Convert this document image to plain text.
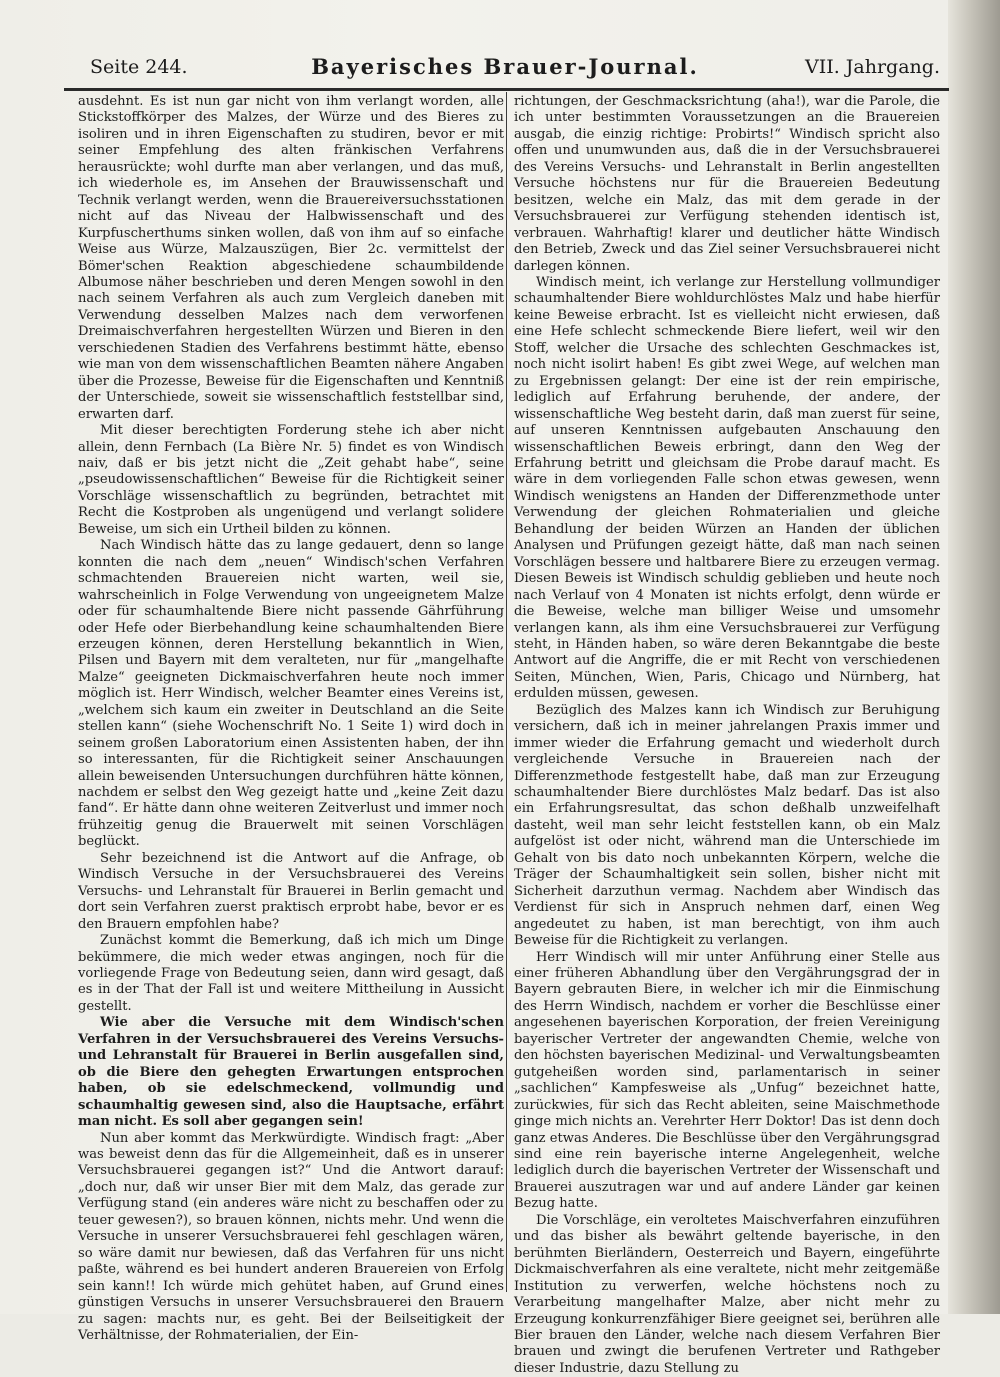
Seite 244.	Bayerisches Brauer-Journal.	VII. Jahrgang.

ausdehnt. Es ist nun gar nicht von ihm verlangt worden, alle Stickstoffkörper des Malzes, der Würze und des Bieres zu isoliren und in ihren Eigenschaften zu studiren, bevor er mit seiner Empfehlung des alten fränkischen Verfahrens herausrückte; wohl durfte man aber verlangen, und das muß, ich wiederhole es, im Ansehen der Brauwissenschaft und Technik verlangt werden, wenn die Brauereiversuchsstationen nicht auf das Niveau der Halbwissenschaft und des Kurpfuscherthums sinken wollen, daß von ihm auf so einfache Weise aus Würze, Malzauszügen, Bier 2c. vermittelst der Bömer'schen Reaktion abgeschiedene schaumbildende Albumose näher beschrieben und deren Mengen sowohl in den nach seinem Verfahren als auch zum Vergleich daneben mit Verwendung desselben Malzes nach dem verworfenen Dreimaischverfahren hergestellten Würzen und Bieren in den verschiedenen Stadien des Verfahrens bestimmt hätte, ebenso wie man von dem wissenschaftlichen Beamten nähere Angaben über die Prozesse, Beweise für die Eigenschaften und Kenntniß der Unterschiede, soweit sie wissenschaftlich feststellbar sind, erwarten darf.

Mit dieser berechtigten Forderung stehe ich aber nicht allein, denn Fernbach (La Bière Nr. 5) findet es von Windisch naiv, daß er bis jetzt nicht die „Zeit gehabt habe“, seine „pseudowissenschaftlichen“ Beweise für die Richtigkeit seiner Vorschläge wissenschaftlich zu begründen, betrachtet mit Recht die Kostproben als ungenügend und verlangt solidere Beweise, um sich ein Urtheil bilden zu können.

Nach Windisch hätte das zu lange gedauert, denn so lange konnten die nach dem „neuen“ Windisch'schen Verfahren schmachtenden Brauereien nicht warten, weil sie, wahrscheinlich in Folge Verwendung von ungeeignetem Malze oder für schaumhaltende Biere nicht passende Gährführung oder Hefe oder Bierbehandlung keine schaumhaltenden Biere erzeugen können, deren Herstellung bekanntlich in Wien, Pilsen und Bayern mit dem veralteten, nur für „mangelhafte Malze“ geeigneten Dickmaischverfahren heute noch immer möglich ist. Herr Windisch, welcher Beamter eines Vereins ist, „welchem sich kaum ein zweiter in Deutschland an die Seite stellen kann“ (siehe Wochenschrift No. 1 Seite 1) wird doch in seinem großen Laboratorium einen Assistenten haben, der ihn so interessanten, für die Richtigkeit seiner Anschauungen allein beweisenden Untersuchungen durchführen hätte können, nachdem er selbst den Weg gezeigt hatte und „keine Zeit dazu fand“. Er hätte dann ohne weiteren Zeitverlust und immer noch frühzeitig genug die Brauerwelt mit seinen Vorschlägen beglückt.

Sehr bezeichnend ist die Antwort auf die Anfrage, ob Windisch Versuche in der Versuchsbrauerei des Vereins Versuchs- und Lehranstalt für Brauerei in Berlin gemacht und dort sein Verfahren zuerst praktisch erprobt habe, bevor er es den Brauern empfohlen habe?

Zunächst kommt die Bemerkung, daß ich mich um Dinge bekümmere, die mich weder etwas angingen, noch für die vorliegende Frage von Bedeutung seien, dann wird gesagt, daß es in der That der Fall ist und weitere Mittheilung in Aussicht gestellt.

Wie aber die Versuche mit dem Windisch'schen Verfahren in der Versuchsbrauerei des Vereins Versuchs- und Lehranstalt für Brauerei in Berlin ausgefallen sind, ob die Biere den gehegten Erwartungen entsprochen haben, ob sie edelschmeckend, vollmundig und schaumhaltig gewesen sind, also die Hauptsache, erfährt man nicht. Es soll aber gegangen sein!

Nun aber kommt das Merkwürdigte. Windisch fragt: „Aber was beweist denn das für die Allgemeinheit, daß es in unserer Versuchsbrauerei gegangen ist?“ Und die Antwort darauf: „doch nur, daß wir unser Bier mit dem Malz, das gerade zur Verfügung stand (ein anderes wäre nicht zu beschaffen oder zu teuer gewesen?), so brauen können, nichts mehr. Und wenn die Versuche in unserer Versuchsbrauerei fehl geschlagen wären, so wäre damit nur bewiesen, daß das Verfahren für uns nicht paßte, während es bei hundert anderen Brauereien von Erfolg sein kann!! Ich würde mich gehütet haben, auf Grund eines günstigen Versuchs in unserer Versuchsbrauerei den Brauern zu sagen: machts nur, es geht. Bei der Beilseitigkeit der Verhältnisse, der Rohmaterialien, der Ein-

richtungen, der Geschmacksrichtung (aha!), war die Parole, die ich unter bestimmten Voraussetzungen an die Brauereien ausgab, die einzig richtige: Probirts!“ Windisch spricht also offen und unumwunden aus, daß die in der Versuchsbrauerei des Vereins Versuchs- und Lehranstalt in Berlin angestellten Versuche höchstens nur für die Brauereien Bedeutung besitzen, welche ein Malz, das mit dem gerade in der Versuchsbrauerei zur Verfügung stehenden identisch ist, verbrauen. Wahrhaftig! klarer und deutlicher hätte Windisch den Betrieb, Zweck und das Ziel seiner Versuchsbrauerei nicht darlegen können.

Windisch meint, ich verlange zur Herstellung vollmundiger schaumhaltender Biere wohldurchlöstes Malz und habe hierfür keine Beweise erbracht. Ist es vielleicht nicht erwiesen, daß eine Hefe schlecht schmeckende Biere liefert, weil wir den Stoff, welcher die Ursache des schlechten Geschmackes ist, noch nicht isolirt haben! Es gibt zwei Wege, auf welchen man zu Ergebnissen gelangt: Der eine ist der rein empirische, lediglich auf Erfahrung beruhende, der andere, der wissenschaftliche Weg besteht darin, daß man zuerst für seine, auf unseren Kenntnissen aufgebauten Anschauung den wissenschaftlichen Beweis erbringt, dann den Weg der Erfahrung betritt und gleichsam die Probe darauf macht. Es wäre in dem vorliegenden Falle schon etwas gewesen, wenn Windisch wenigstens an Handen der Differenzmethode unter Verwendung der gleichen Rohmaterialien und gleiche Behandlung der beiden Würzen an Handen der üblichen Analysen und Prüfungen gezeigt hätte, daß man nach seinen Vorschlägen bessere und haltbarere Biere zu erzeugen vermag. Diesen Beweis ist Windisch schuldig geblieben und heute noch nach Verlauf von 4 Monaten ist nichts erfolgt, denn würde er die Beweise, welche man billiger Weise und umsomehr verlangen kann, als ihm eine Versuchsbrauerei zur Verfügung steht, in Händen haben, so wäre deren Bekanntgabe die beste Antwort auf die Angriffe, die er mit Recht von verschiedenen Seiten, München, Wien, Paris, Chicago und Nürnberg, hat erdulden müssen, gewesen.

Bezüglich des Malzes kann ich Windisch zur Beruhigung versichern, daß ich in meiner jahrelangen Praxis immer und immer wieder die Erfahrung gemacht und wiederholt durch vergleichende Versuche in Brauereien nach der Differenzmethode festgestellt habe, daß man zur Erzeugung schaumhaltender Biere durchlöstes Malz bedarf. Das ist also ein Erfahrungsresultat, das schon deßhalb unzweifelhaft dasteht, weil man sehr leicht feststellen kann, ob ein Malz aufgelöst ist oder nicht, während man die Unterschiede im Gehalt von bis dato noch unbekannten Körpern, welche die Träger der Schaumhaltigkeit sein sollen, bisher nicht mit Sicherheit darzuthun vermag. Nachdem aber Windisch das Verdienst für sich in Anspruch nehmen darf, einen Weg angedeutet zu haben, ist man berechtigt, von ihm auch Beweise für die Richtigkeit zu verlangen.

Herr Windisch will mir unter Anführung einer Stelle aus einer früheren Abhandlung über den Vergährungsgrad der in Bayern gebrauten Biere, in welcher ich mir die Einmischung des Herrn Windisch, nachdem er vorher die Beschlüsse einer angesehenen bayerischen Korporation, der freien Vereinigung bayerischer Vertreter der angewandten Chemie, welche von den höchsten bayerischen Medizinal- und Verwaltungsbeamten gutgeheißen worden sind, parlamentarisch in seiner „sachlichen“ Kampfesweise als „Unfug“ bezeichnet hatte, zurückwies, für sich das Recht ableiten, seine Maischmethode ginge mich nichts an. Verehrter Herr Doktor! Das ist denn doch ganz etwas Anderes. Die Beschlüsse über den Vergährungsgrad sind eine rein bayerische interne Angelegenheit, welche lediglich durch die bayerischen Vertreter der Wissenschaft und Brauerei auszutragen war und auf andere Länder gar keinen Bezug hatte.

Die Vorschläge, ein veroltetes Maischverfahren einzuführen und das bisher als bewährt geltende bayerische, in den berühmten Bierländern, Oesterreich und Bayern, eingeführte Dickmaischverfahren als eine veraltete, nicht mehr zeitgemäße Institution zu verwerfen, welche höchstens noch zu Verarbeitung mangelhafter Malze, aber nicht mehr zu Erzeugung konkurrenzfähiger Biere geeignet sei, berühren alle Bier brauen den Länder, welche nach diesem Verfahren Bier brauen und zwingt die berufenen Vertreter und Rathgeber dieser Industrie, dazu Stellung zu
